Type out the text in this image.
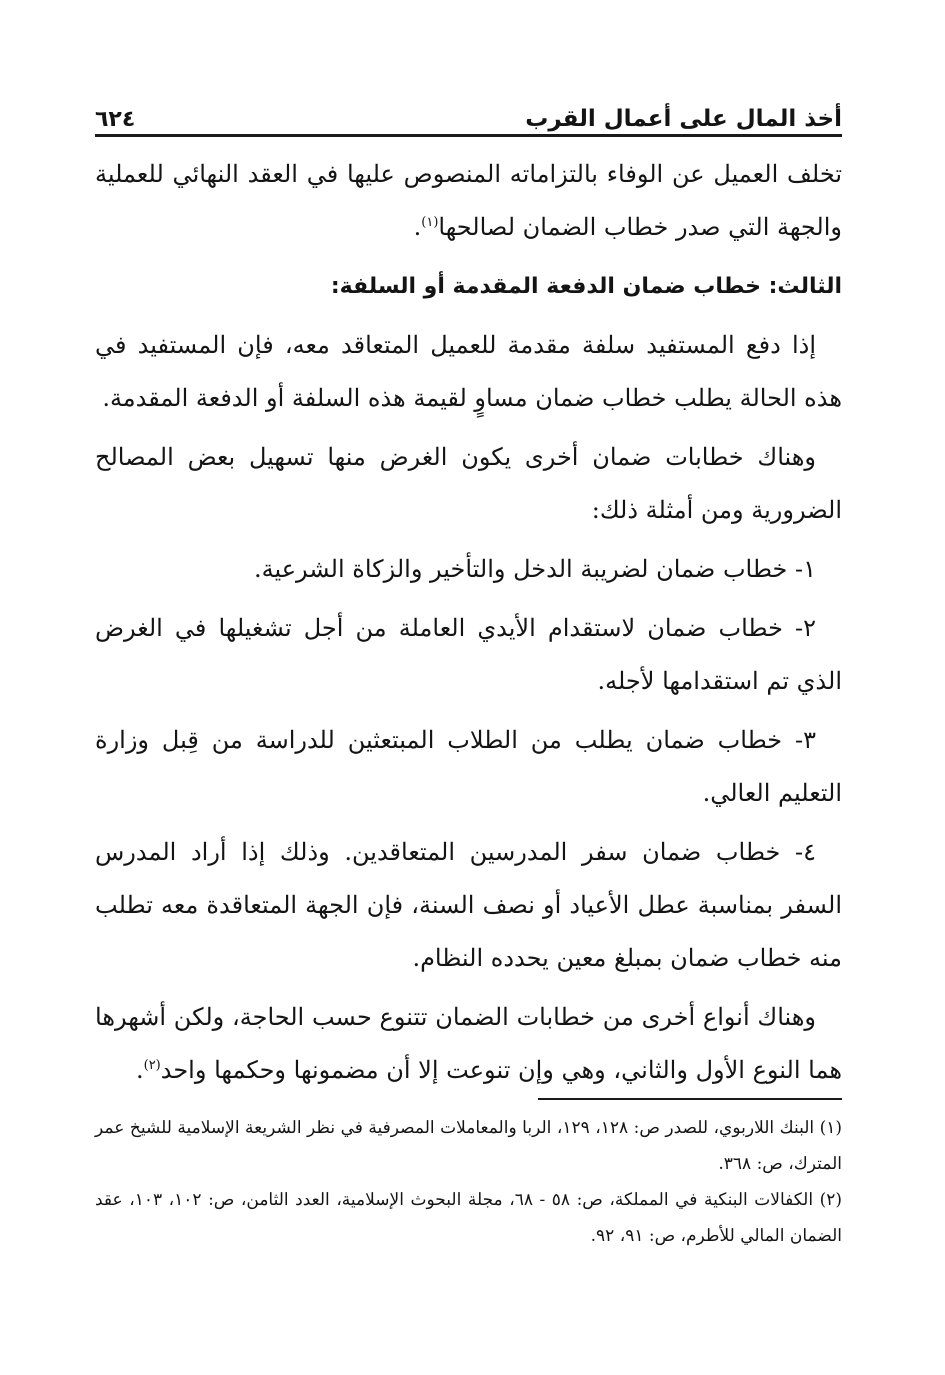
٦٢٤	أخذ المال على أعمال القرب

تخلف العميل عن الوفاء بالتزاماته المنصوص عليها في العقد النهائي للعملية والجهة التي صدر خطاب الضمان لصالحها$^{(١)}$.

الثالث: خطاب ضمان الدفعة المقدمة أو السلفة:

إذا دفع المستفيد سلفة مقدمة للعميل المتعاقد معه، فإن المستفيد في هذه الحالة يطلب خطاب ضمان مساوٍ لقيمة هذه السلفة أو الدفعة المقدمة.

وهناك خطابات ضمان أخرى يكون الغرض منها تسهيل بعض المصالح الضرورية ومن أمثلة ذلك:

١- خطاب ضمان لضريبة الدخل والتأخير والزكاة الشرعية.

٢- خطاب ضمان لاستقدام الأيدي العاملة من أجل تشغيلها في الغرض الذي تم استقدامها لأجله.

٣- خطاب ضمان يطلب من الطلاب المبتعثين للدراسة من قِبل وزارة التعليم العالي.

٤- خطاب ضمان سفر المدرسين المتعاقدين. وذلك إذا أراد المدرس السفر بمناسبة عطل الأعياد أو نصف السنة، فإن الجهة المتعاقدة معه تطلب منه خطاب ضمان بمبلغ معين يحدده النظام.

وهناك أنواع أخرى من خطابات الضمان تتنوع حسب الحاجة، ولكن أشهرها هما النوع الأول والثاني، وهي وإن تنوعت إلا أن مضمونها وحكمها واحد$^{(٢)}$.

(١) البنك اللاربوي، للصدر ص: ١٢٨، ١٢٩، الربا والمعاملات المصرفية في نظر الشريعة الإسلامية للشيخ عمر المترك، ص: ٣٦٨.

(٢) الكفالات البنكية في المملكة، ص: ٥٨ - ٦٨، مجلة البحوث الإسلامية، العدد الثامن، ص: ١٠٢، ١٠٣، عقد الضمان المالي للأطرم، ص: ٩١، ٩٢.
